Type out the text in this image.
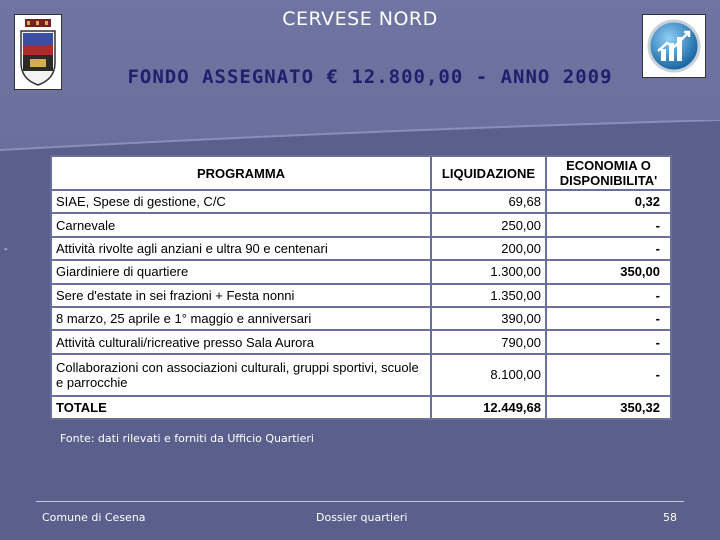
CERVESE NORD
FONDO ASSEGNATO € 12.800,00 - ANNO 2009
-
PROGRAMMA	LIQUIDAZIONE	ECONOMIA O DISPONIBILITA'
SIAE, Spese di gestione, C/C	69,68	0,32
Carnevale	250,00	-
Attività rivolte agli anziani e ultra 90 e centenari	200,00	-
Giardiniere di quartiere	1.300,00	350,00
Sere d'estate in sei frazioni + Festa nonni	1.350,00	-
8 marzo, 25 aprile e 1° maggio e anniversari	390,00	-
Attività culturali/ricreative presso Sala Aurora	790,00	-
Collaborazioni con associazioni culturali, gruppi sportivi, scuole e parrocchie	8.100,00	-
TOTALE	12.449,68	350,32
Fonte: dati rilevati e forniti da Ufficio Quartieri
Comune di Cesena	Dossier quartieri	58
